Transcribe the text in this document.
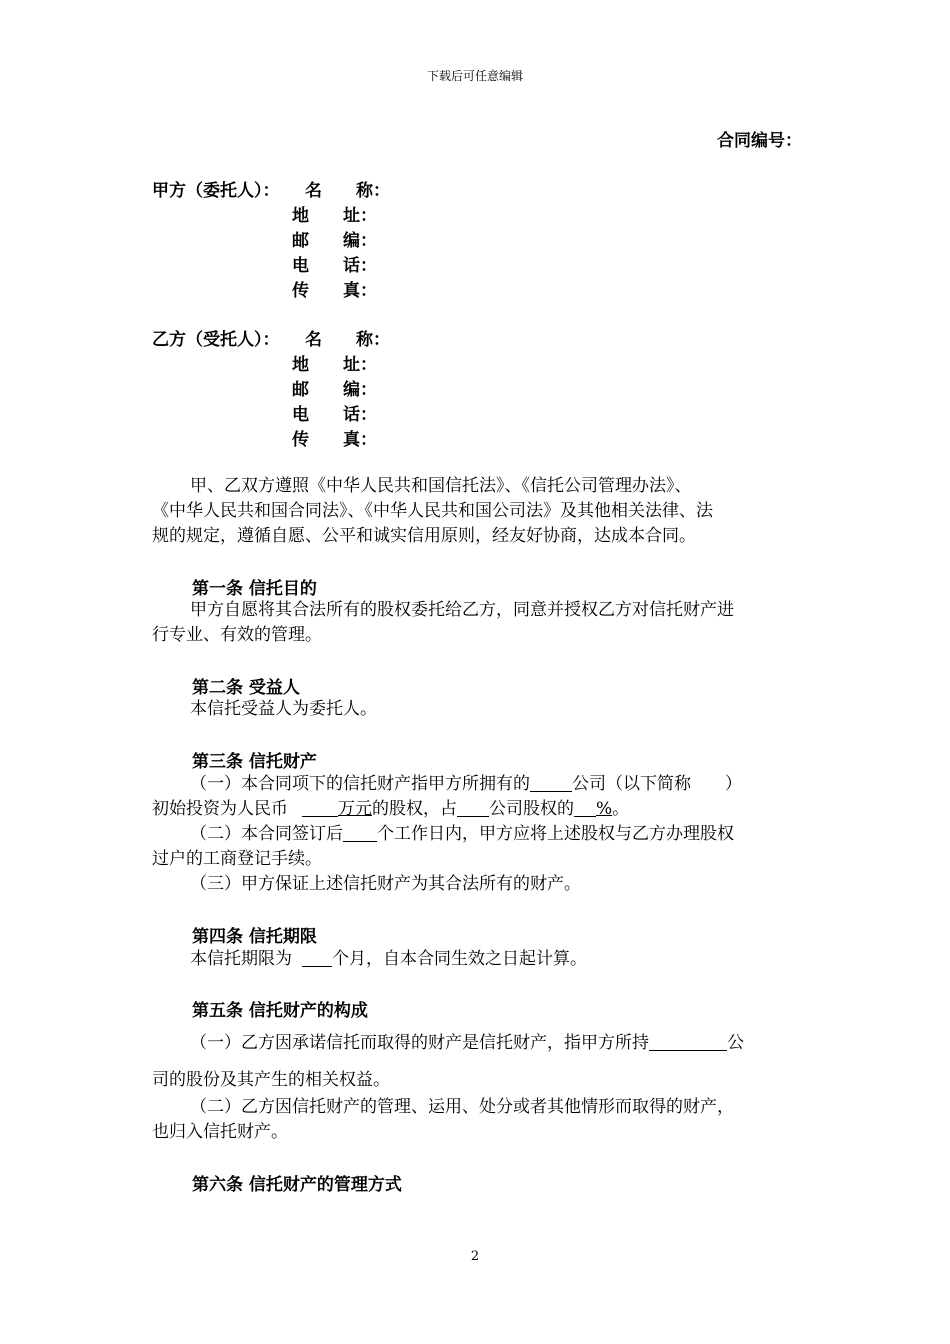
下载后可任意编辑
合同编号：
甲方（委托人）： 名　　称：
地　　址：
邮　　编：
电　　话：
传　　真：
乙方（受托人）： 名　　称：
地　　址：
邮　　编：
电　　话：
传　　真：
甲、乙双方遵照《中华人民共和国信托法》、《信托公司管理办法》、
《中华人民共和国合同法》、《中华人民共和国公司法》及其他相关法律、法
规的规定，遵循自愿、公平和诚实信用原则，经友好协商，达成本合同。
第一条 信托目的
甲方自愿将其合法所有的股权委托给乙方，同意并授权乙方对信托财产进
行专业、有效的管理。
第二条 受益人
本信托受益人为委托人。
第三条 信托财产
（一）本合同项下的信托财产指甲方所拥有的 公司（以下简称　　）
初始投资为人民币	万元的股权，占 公司股权的 %。
（二）本合同签订后 个工作日内，甲方应将上述股权与乙方办理股权
过户的工商登记手续。
（三）甲方保证上述信托财产为其合法所有的财产。
第四条 信托期限
本信托期限为 个月，自本合同生效之日起计算。
第五条 信托财产的构成
（一）乙方因承诺信托而取得的财产是信托财产，指甲方所持	公
司的股份及其产生的相关权益。
（二）乙方因信托财产的管理、运用、处分或者其他情形而取得的财产，
也归入信托财产。
第六条 信托财产的管理方式
2
